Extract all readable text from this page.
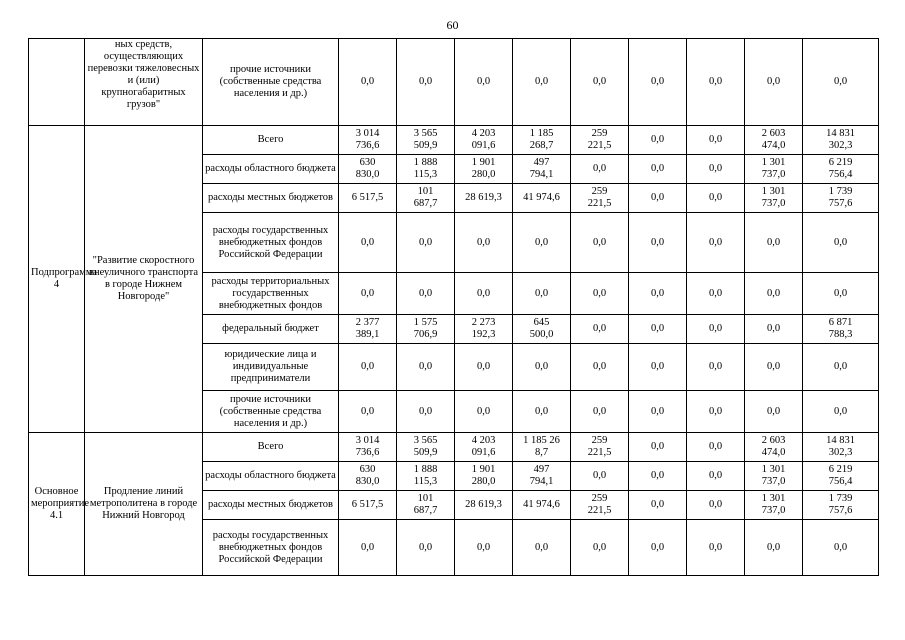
60
	ных средств, осуществляющих перевозки тяжеловесных и (или) крупногабаритных грузов"	прочие источники (собственные средства населения и др.)	0,0	0,0	0,0	0,0	0,0	0,0	0,0	0,0	0,0
Подпрограмма 4	"Развитие скоростного внеуличного транспорта в городе Нижнем Новгороде"	Всего	3 014
736,6	3 565
509,9	4 203
091,6	1 185
268,7	259
221,5	0,0	0,0	2 603
474,0	14 831
302,3
		расходы областного бюджета	630
830,0	1 888
115,3	1 901
280,0	497
794,1	0,0	0,0	0,0	1 301
737,0	6 219
756,4
		расходы местных бюджетов	6 517,5	101
687,7	28 619,3	41 974,6	259
221,5	0,0	0,0	1 301
737,0	1 739
757,6
		расходы государственных внебюджетных фондов Российской Федерации	0,0	0,0	0,0	0,0	0,0	0,0	0,0	0,0	0,0
		расходы территориальных государственных внебюджетных фондов	0,0	0,0	0,0	0,0	0,0	0,0	0,0	0,0	0,0
		федеральный бюджет	2 377
389,1	1 575
706,9	2 273
192,3	645
500,0	0,0	0,0	0,0	0,0	6 871
788,3
		юридические лица и индивидуальные предприниматели	0,0	0,0	0,0	0,0	0,0	0,0	0,0	0,0	0,0
		прочие источники (собственные средства населения и др.)	0,0	0,0	0,0	0,0	0,0	0,0	0,0	0,0	0,0
Основное мероприятие 4.1	Продление линий метрополитена в городе Нижний Новгород	Всего	3 014
736,6	3 565
509,9	4 203
091,6	1 185 26
8,7	259
221,5	0,0	0,0	2 603
474,0	14 831
302,3
		расходы областного бюджета	630
830,0	1 888
115,3	1 901
280,0	497
794,1	0,0	0,0	0,0	1 301
737,0	6 219
756,4
		расходы местных бюджетов	6 517,5	101
687,7	28 619,3	41 974,6	259
221,5	0,0	0,0	1 301
737,0	1 739
757,6
		расходы государственных внебюджетных фондов Российской Федерации	0,0	0,0	0,0	0,0	0,0	0,0	0,0	0,0	0,0
